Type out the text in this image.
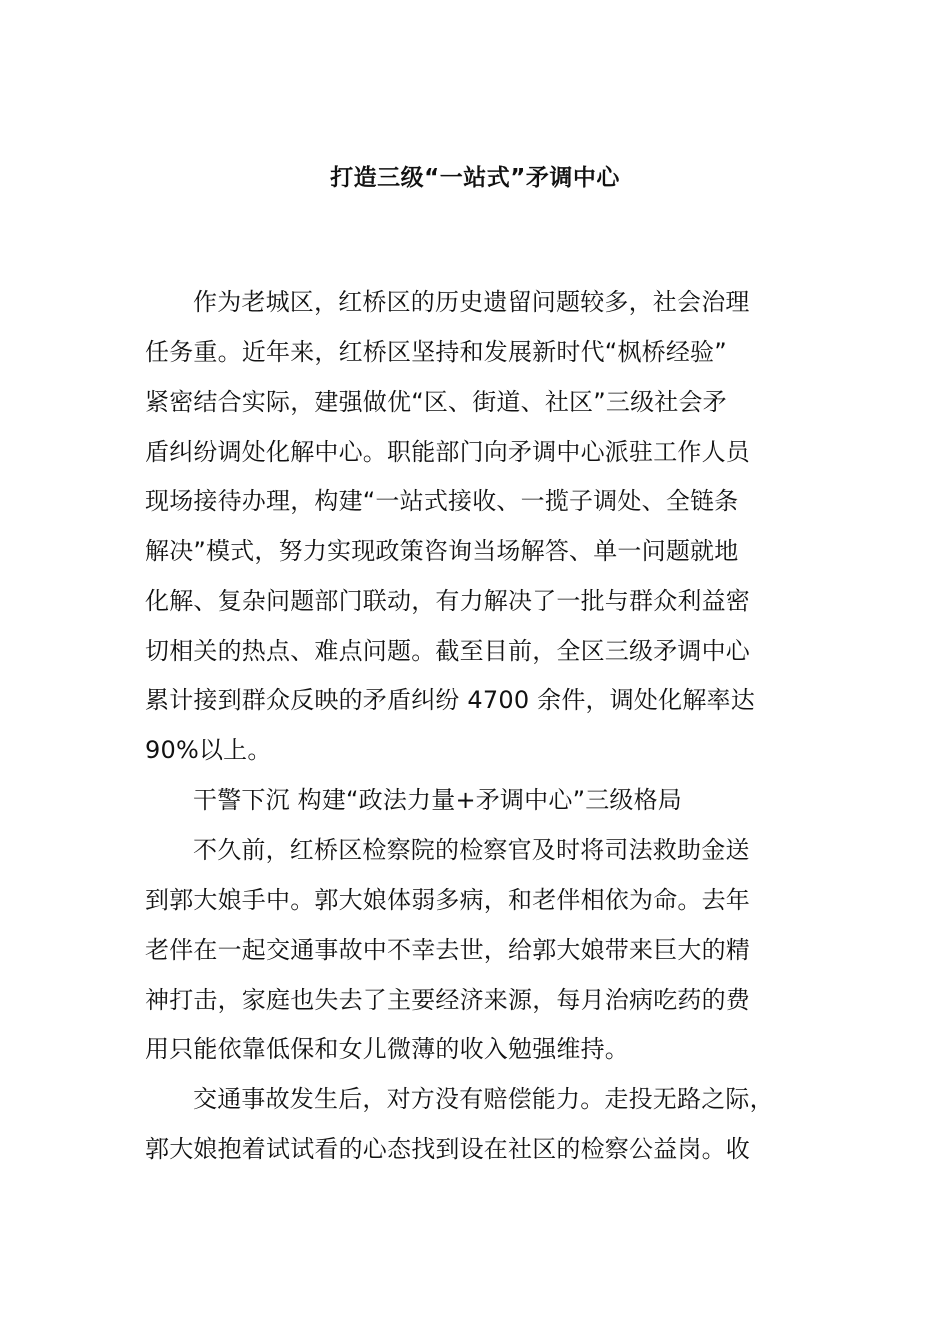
打造三级“一站式”矛调中心
作为老城区，红桥区的历史遗留问题较多，社会治理
任务重。近年来，红桥区坚持和发展新时代“枫桥经验”
紧密结合实际，建强做优“区、街道、社区”三级社会矛
盾纠纷调处化解中心。职能部门向矛调中心派驻工作人员
现场接待办理，构建“一站式接收、一揽子调处、全链条
解决”模式，努力实现政策咨询当场解答、单一问题就地
化解、复杂问题部门联动，有力解决了一批与群众利益密
切相关的热点、难点问题。截至目前，全区三级矛调中心
累计接到群众反映的矛盾纠纷 4700 余件，调处化解率达
90%以上。
干警下沉 构建“政法力量+矛调中心”三级格局
不久前，红桥区检察院的检察官及时将司法救助金送
到郭大娘手中。郭大娘体弱多病，和老伴相依为命。去年
老伴在一起交通事故中不幸去世，给郭大娘带来巨大的精
神打击，家庭也失去了主要经济来源，每月治病吃药的费
用只能依靠低保和女儿微薄的收入勉强维持。
交通事故发生后，对方没有赔偿能力。走投无路之际，
郭大娘抱着试试看的心态找到设在社区的检察公益岗。收
